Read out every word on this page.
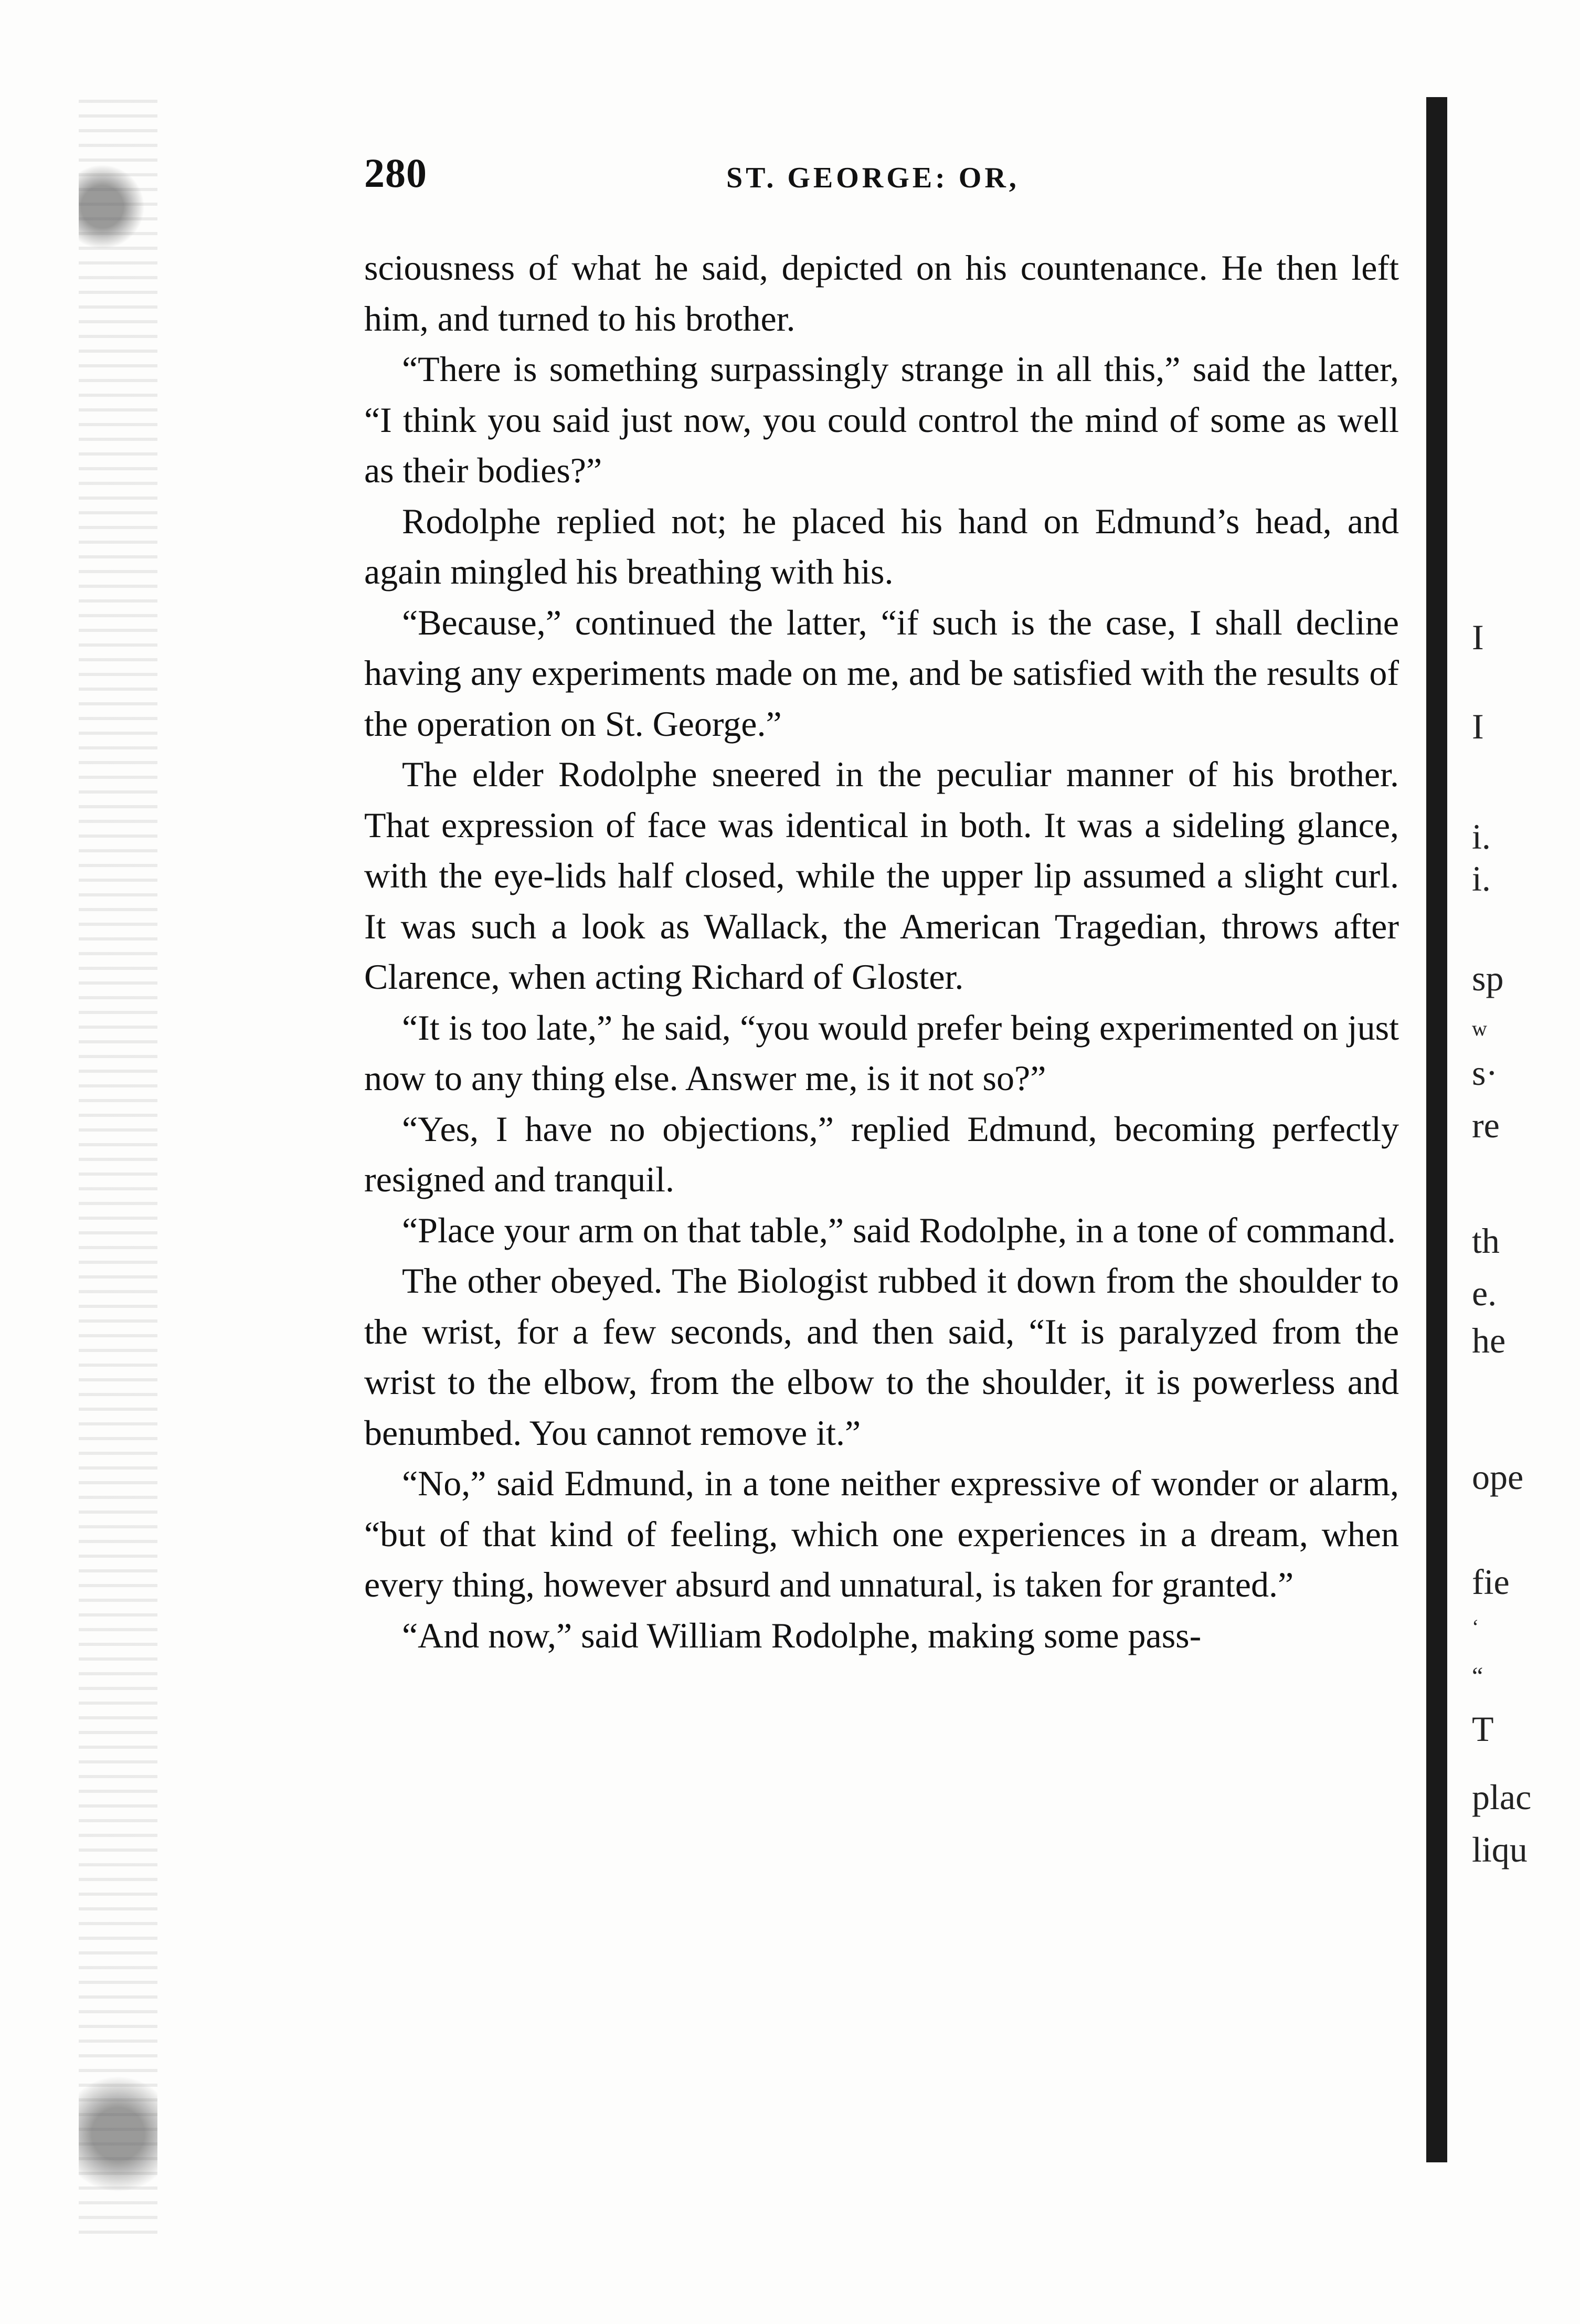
280	ST. GEORGE: OR,

sciousness of what he said, depicted on his countenance. He then left him, and turned to his brother.

“There is something surpassingly strange in all this,” said the latter, “I think you said just now, you could control the mind of some as well as their bodies?”

Rodolphe replied not; he placed his hand on Edmund’s head, and again mingled his breathing with his.

“Because,” continued the latter, “if such is the case, I shall decline having any experiments made on me, and be satisfied with the results of the operation on St. George.”

The elder Rodolphe sneered in the peculiar manner of his brother. That expression of face was identical in both. It was a sideling glance, with the eye-lids half closed, while the upper lip assumed a slight curl. It was such a look as Wallack, the American Tragedian, throws after Clarence, when acting Richard of Gloster.

“It is too late,” he said, “you would prefer being experimented on just now to any thing else. Answer me, is it not so?”

“Yes, I have no objections,” replied Edmund, becoming perfectly resigned and tranquil.

“Place your arm on that table,” said Rodolphe, in a tone of command.

The other obeyed. The Biologist rubbed it down from the shoulder to the wrist, for a few seconds, and then said, “It is paralyzed from the wrist to the elbow, from the elbow to the shoulder, it is powerless and benumbed. You cannot remove it.”

“No,” said Edmund, in a tone neither expressive of wonder or alarm, “but of that kind of feeling, which one experiences in a dream, when every thing, however absurd and unnatural, is taken for granted.”

“And now,” said William Rodolphe, making some pass-

I
I
i.
i.
sp
w
s·
re
th
e.
he
ope
fie
‘
“
T
plac
liqu
